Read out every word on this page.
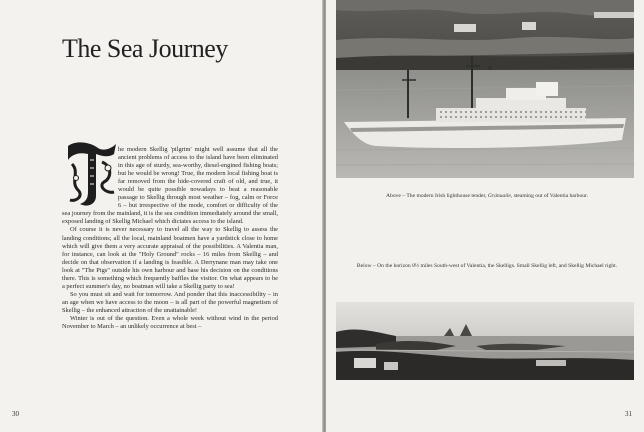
The Sea Journey

he modern Skellig 'pilgrim' might well assume that all the ancient problems of access to the island have been eliminated in this age of sturdy, sea-worthy, diesel-engined fishing boats; but he would be wrong! True, the modern local fishing boat is far removed from the hide-covered craft of old, and true, it would be quite possible nowadays to beat a reasonable passage to Skellig through most weather – fog, calm or Force 6 – but irrespective of the mode, comfort or difficulty of the sea journey from the mainland, it is the sea condition immediately around the small, exposed landing of Skellig Michael which dictates access to the island.

Of course it is never necessary to travel all the way to Skellig to assess the landing conditions; all the local, mainland boatmen have a yardstick close to home which will give them a very accurate appraisal of the possibilities. A Valentia man, for instance, can look at the "Holy Ground" rocks – 16 miles from Skellig – and decide on that observation if a landing is feasible. A Derrynane man may take one look at "The Pigs" outside his own harbour and base his decision on the conditions there. This is something which frequently baffles the visitor. On what appears to be a perfect summer's day, no boatman will take a Skellig party to sea!

So you must sit and wait for tomorrow. And ponder that this inaccessibility – in an age when we have access to the moon – is all part of the powerful magnetism of Skellig – the enhanced attraction of the unattainable!

Winter is out of the question. Even a whole week without wind in the period November to March – an unlikely occurrence at best –

30
Above – The modern Irish lighthouse tender, Gránuaile, steaming out of Valentia harbour.
Below – On the horizon 8½ miles South-west of Valentia, the Skelligs. Small Skellig left, and Skellig Michael right.
31
